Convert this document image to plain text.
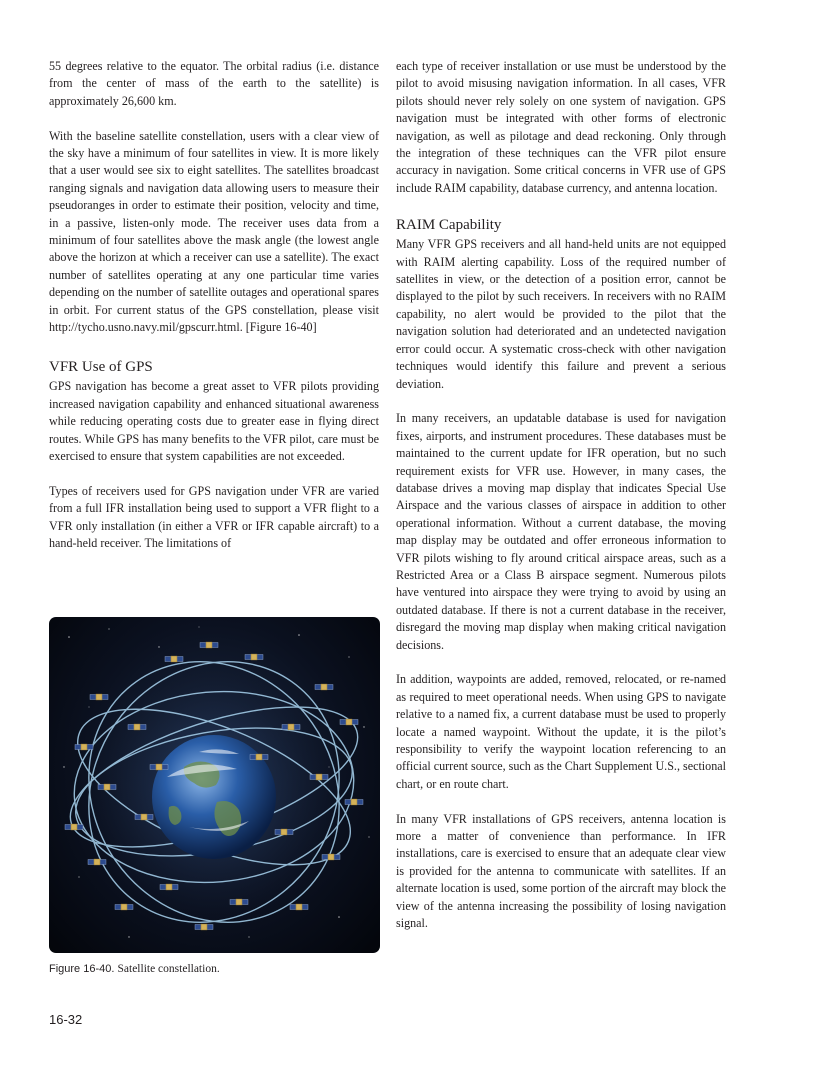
55 degrees relative to the equator. The orbital radius (i.e. distance from the center of mass of the earth to the satellite) is approximately 26,600 km.

With the baseline satellite constellation, users with a clear view of the sky have a minimum of four satellites in view. It is more likely that a user would see six to eight satellites. The satellites broadcast ranging signals and navigation data allowing users to measure their pseudoranges in order to estimate their position, velocity and time, in a passive, listen-only mode. The receiver uses data from a minimum of four satellites above the mask angle (the lowest angle above the horizon at which a receiver can use a satellite). The exact number of satellites operating at any one particular time varies depending on the number of satellite outages and operational spares in orbit. For current status of the GPS constellation, please visit http://tycho.usno.navy.mil/gpscurr.html. [Figure 16-40]

VFR Use of GPS

GPS navigation has become a great asset to VFR pilots providing increased navigation capability and enhanced situational awareness while reducing operating costs due to greater ease in flying direct routes. While GPS has many benefits to the VFR pilot, care must be exercised to ensure that system capabilities are not exceeded.

Types of receivers used for GPS navigation under VFR are varied from a full IFR installation being used to support a VFR flight to a VFR only installation (in either a VFR or IFR capable aircraft) to a hand-held receiver. The limitations of

Figure 16-40. Satellite constellation.

each type of receiver installation or use must be understood by the pilot to avoid misusing navigation information. In all cases, VFR pilots should never rely solely on one system of navigation. GPS navigation must be integrated with other forms of electronic navigation, as well as pilotage and dead reckoning. Only through the integration of these techniques can the VFR pilot ensure accuracy in navigation. Some critical concerns in VFR use of GPS include RAIM capability, database currency, and antenna location.

RAIM Capability

Many VFR GPS receivers and all hand-held units are not equipped with RAIM alerting capability. Loss of the required number of satellites in view, or the detection of a position error, cannot be displayed to the pilot by such receivers. In receivers with no RAIM capability, no alert would be provided to the pilot that the navigation solution had deteriorated and an undetected navigation error could occur. A systematic cross-check with other navigation techniques would identify this failure and prevent a serious deviation.

In many receivers, an updatable database is used for navigation fixes, airports, and instrument procedures. These databases must be maintained to the current update for IFR operation, but no such requirement exists for VFR use. However, in many cases, the database drives a moving map display that indicates Special Use Airspace and the various classes of airspace in addition to other operational information. Without a current database, the moving map display may be outdated and offer erroneous information to VFR pilots wishing to fly around critical airspace areas, such as a Restricted Area or a Class B airspace segment. Numerous pilots have ventured into airspace they were trying to avoid by using an outdated database. If there is not a current database in the receiver, disregard the moving map display when making critical navigation decisions.

In addition, waypoints are added, removed, relocated, or re-named as required to meet operational needs. When using GPS to navigate relative to a named fix, a current database must be used to properly locate a named waypoint. Without the update, it is the pilot’s responsibility to verify the waypoint location referencing to an official current source, such as the Chart Supplement U.S., sectional chart, or en route chart.

In many VFR installations of GPS receivers, antenna location is more a matter of convenience than performance. In IFR installations, care is exercised to ensure that an adequate clear view is provided for the antenna to communicate with satellites. If an alternate location is used, some portion of the aircraft may block the view of the antenna increasing the possibility of losing navigation signal.

16-32
